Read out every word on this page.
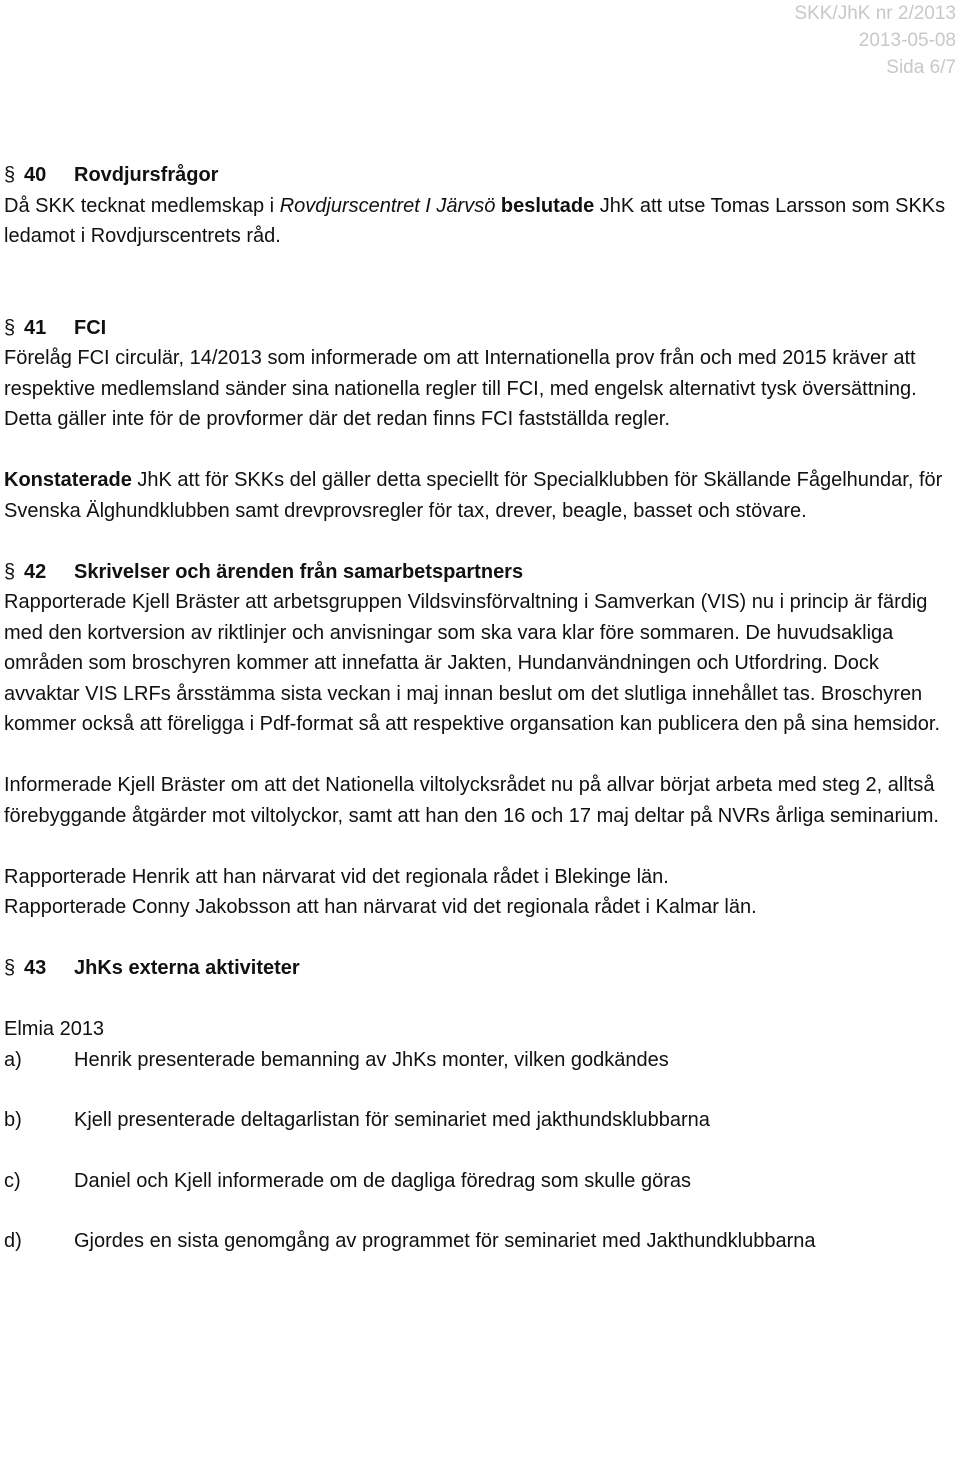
SKK/JhK nr 2/2013
2013-05-08
Sida 6/7
§ 40	Rovdjursfrågor

Då SKK tecknat medlemskap i Rovdjurscentret I Järvsö beslutade JhK att utse Tomas Larsson som SKKs ledamot i Rovdjurscentrets råd.

§ 41	FCI

Förelåg FCI circulär, 14/2013 som informerade om att Internationella prov från och med 2015 kräver att respektive medlemsland sänder sina nationella regler till FCI, med engelsk alternativt tysk översättning. Detta gäller inte för de provformer där det redan finns FCI fastställda regler.

Konstaterade JhK att för SKKs del gäller detta speciellt för Specialklubben för Skällande Fågelhundar, för Svenska Älghundklubben samt drevprovsregler för tax, drever, beagle, basset och stövare.

§ 42	Skrivelser och ärenden från samarbetspartners

Rapporterade Kjell Bräster att arbetsgruppen Vildsvinsförvaltning i Samverkan (VIS) nu i princip är färdig med den kortversion av riktlinjer och anvisningar som ska vara klar före sommaren. De huvudsakliga områden som broschyren kommer att innefatta är Jakten, Hundanvändningen och Utfordring. Dock avvaktar VIS LRFs årsstämma sista veckan i maj innan beslut om det slutliga innehållet tas. Broschyren kommer också att föreligga i Pdf-format så att respektive organsation kan publicera den på sina hemsidor.

Informerade Kjell Bräster om att det Nationella viltolycksrådet nu på allvar börjat arbeta med steg 2, alltså förebyggande åtgärder mot viltolyckor, samt att han den 16 och 17 maj deltar på NVRs årliga seminarium.

Rapporterade Henrik att han närvarat vid det regionala rådet i Blekinge län.

Rapporterade Conny Jakobsson att han närvarat vid det regionala rådet i Kalmar län.

§ 43	JhKs externa aktiviteter

Elmia 2013

a)	Henrik presenterade bemanning av JhKs monter, vilken godkändes
b)	Kjell presenterade deltagarlistan för seminariet med jakthundsklubbarna
c)	Daniel och Kjell informerade om de dagliga föredrag som skulle göras
d)	Gjordes en sista genomgång av programmet för seminariet med Jakthundklubbarna
